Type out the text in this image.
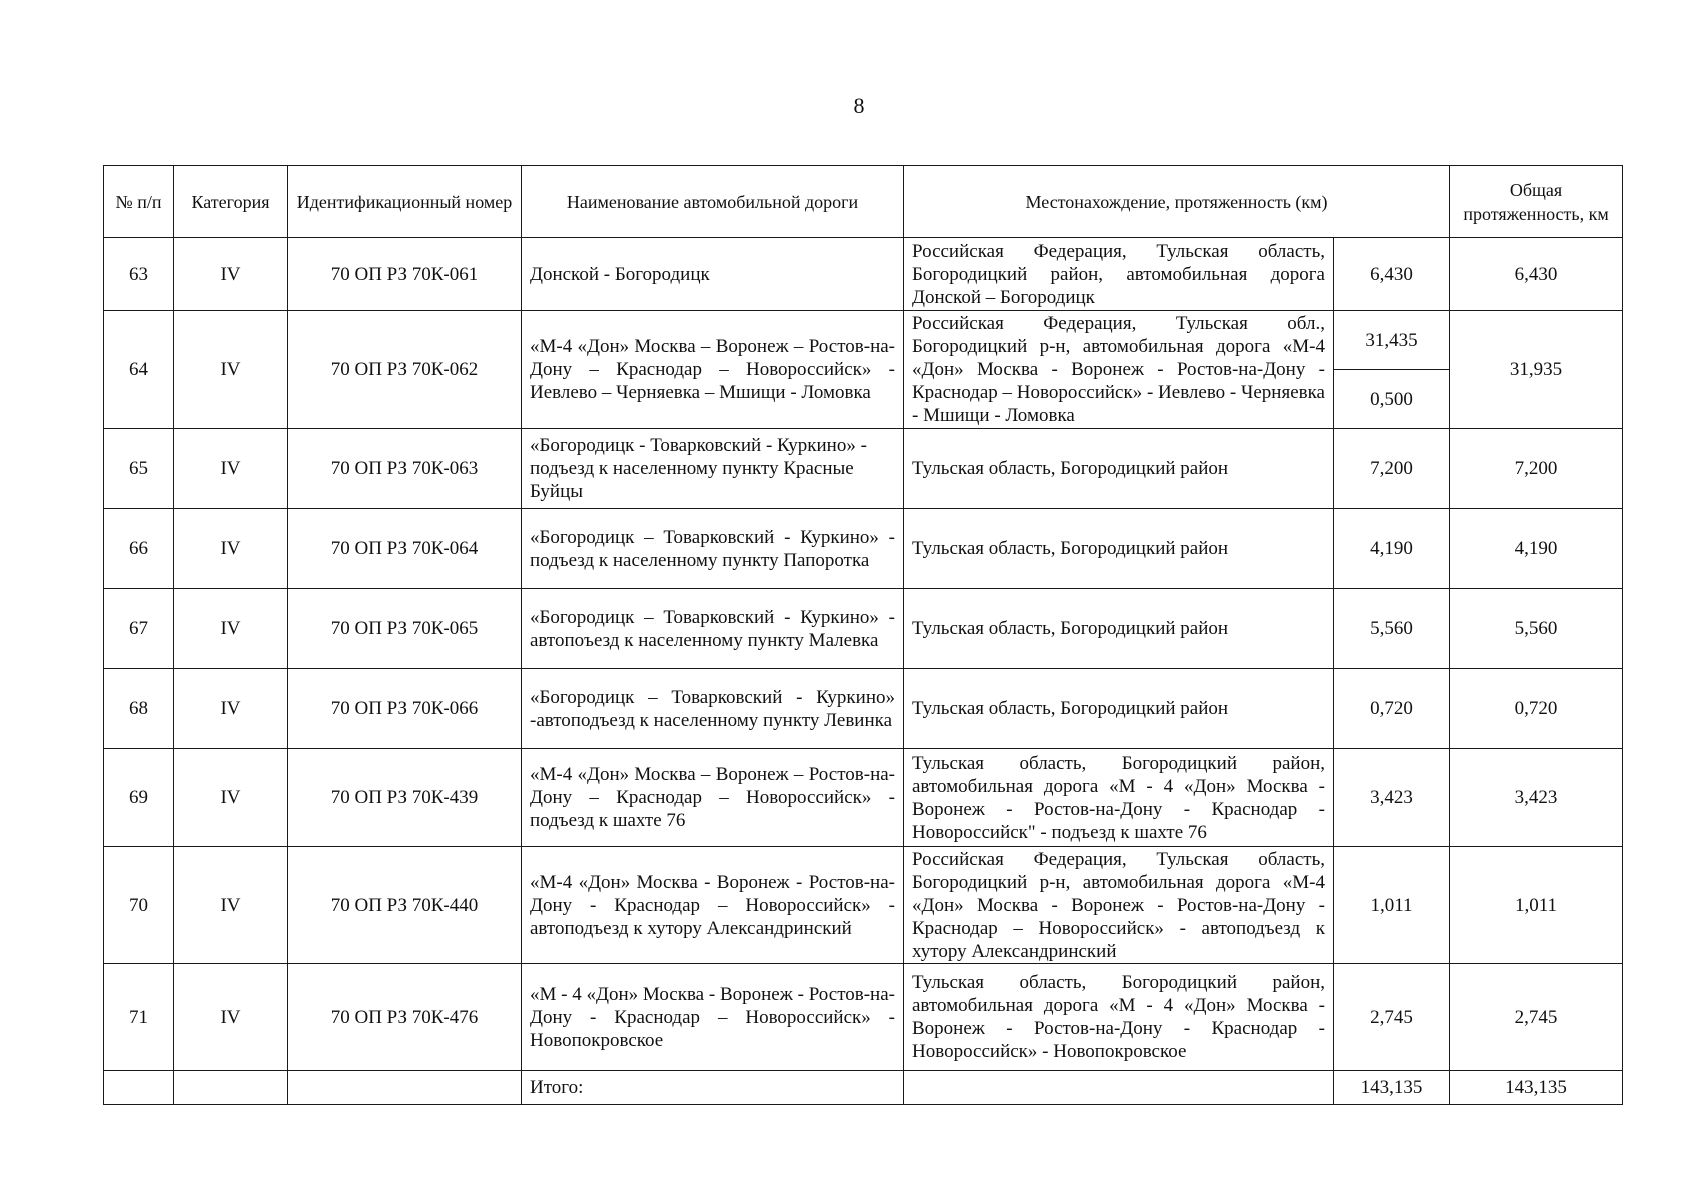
8
№ п/п	Категория	Идентификационный номер	Наименование автомобильной дороги	Местонахождение, протяженность (км)		Общая протяженность, км
63	IV	70 ОП РЗ 70К-061	Донской - Богородицк	Российская Федерация, Тульская область, Богородицкий район, автомобильная дорога Донской – Богородицк	6,430	6,430
64	IV	70 ОП РЗ 70К-062	«М-4 «Дон» Москва – Воронеж – Ростов-на-Дону – Краснодар – Новороссийск» - Иевлево – Черняевка – Мшищи - Ломовка	Российская Федерация, Тульская обл., Богородицкий р-н, автомобильная дорога «М-4 «Дон» Москва - Воронеж - Ростов-на-Дону - Краснодар – Новороссийск» - Иевлево - Черняевка - Мшищи - Ломовка	31,435	31,935
					0,500	
65	IV	70 ОП РЗ 70К-063	«Богородицк - Товарковский - Куркино» - подъезд к населенному пункту Красные Буйцы	Тульская область, Богородицкий район	7,200	7,200
66	IV	70 ОП РЗ 70К-064	«Богородицк – Товарковский - Куркино» - подъезд к населенному пункту Папоротка	Тульская область, Богородицкий район	4,190	4,190
67	IV	70 ОП РЗ 70К-065	«Богородицк – Товарковский - Куркино» - автопоъезд к населенному пункту Малевка	Тульская область, Богородицкий район	5,560	5,560
68	IV	70 ОП РЗ 70К-066	«Богородицк – Товарковский - Куркино» -автоподъезд к населенному пункту Левинка	Тульская область, Богородицкий район	0,720	0,720
69	IV	70 ОП РЗ 70К-439	«М-4 «Дон» Москва – Воронеж – Ростов-на-Дону – Краснодар – Новороссийск» - подъезд к шахте 76	Тульская область, Богородицкий район, автомобильная дорога «М - 4 «Дон» Москва - Воронеж - Ростов-на-Дону - Краснодар - Новороссийск" - подъезд к шахте 76	3,423	3,423
70	IV	70 ОП РЗ 70К-440	«М-4 «Дон» Москва - Воронеж - Ростов-на-Дону - Краснодар – Новороссийск» - автоподъезд к хутору Александринский	Российская Федерация, Тульская область, Богородицкий р-н, автомобильная дорога «М-4 «Дон» Москва - Воронеж - Ростов-на-Дону - Краснодар – Новороссийск» - автоподъезд к хутору Александринский	1,011	1,011
71	IV	70 ОП РЗ 70К-476	«М - 4 «Дон» Москва - Воронеж - Ростов-на-Дону - Краснодар – Новороссийск» - Новопокровское	Тульская область, Богородицкий район, автомобильная дорога «М - 4 «Дон» Москва - Воронеж - Ростов-на-Дону - Краснодар - Новороссийск» - Новопокровское	2,745	2,745
			Итого:		143,135	143,135
